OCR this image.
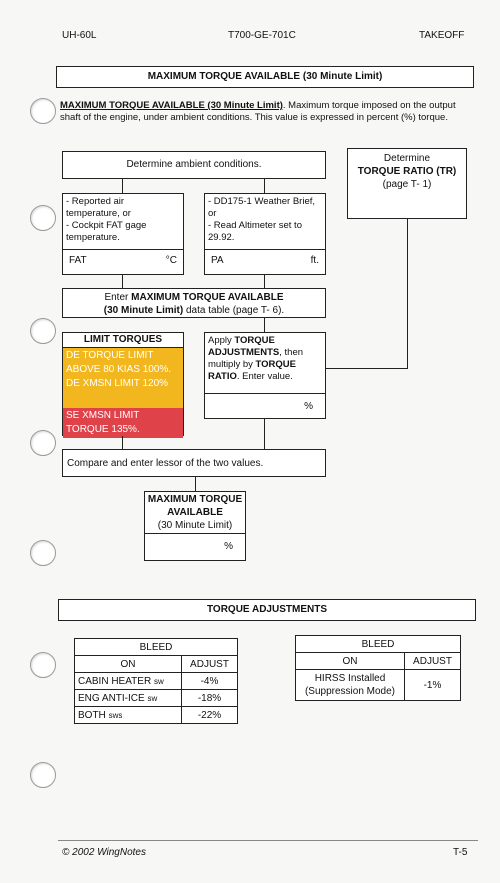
UH-60L	T700-GE-701C	TAKEOFF
MAXIMUM TORQUE AVAILABLE (30 Minute Limit)
MAXIMUM TORQUE AVAILABLE (30 Minute Limit). Maximum torque imposed on the output shaft of the engine, under ambient conditions. This value is expressed in percent (%) torque.
Determine ambient conditions.
Determine
TORQUE RATIO (TR)
(page T- 1)
- Reported air temperature, or
- Cockpit FAT gage temperature.
FAT	°C
- DD175-1 Weather Brief, or
- Read Altimeter set to 29.92.
PA	ft.
Enter MAXIMUM TORQUE AVAILABLE
(30 Minute Limit) data table (page T- 6).
LIMIT TORQUES
DE TORQUE LIMIT ABOVE 80 KIAS 100%.
DE XMSN LIMIT 120%
SE XMSN LIMIT TORQUE 135%.
Apply TORQUE ADJUSTMENTS, then multiply by TORQUE RATIO. Enter value.
%
Compare and enter lessor of the two values.
MAXIMUM TORQUE AVAILABLE
(30 Minute Limit)
%
TORQUE ADJUSTMENTS
BLEED	
ON	ADJUST
CABIN HEATER sw	-4%
ENG ANTI-ICE sw	-18%
BOTH sws	-22%
BLEED	
ON	ADJUST
HIRSS Installed (Suppression Mode)	-1%
© 2002 WingNotes	T-5
